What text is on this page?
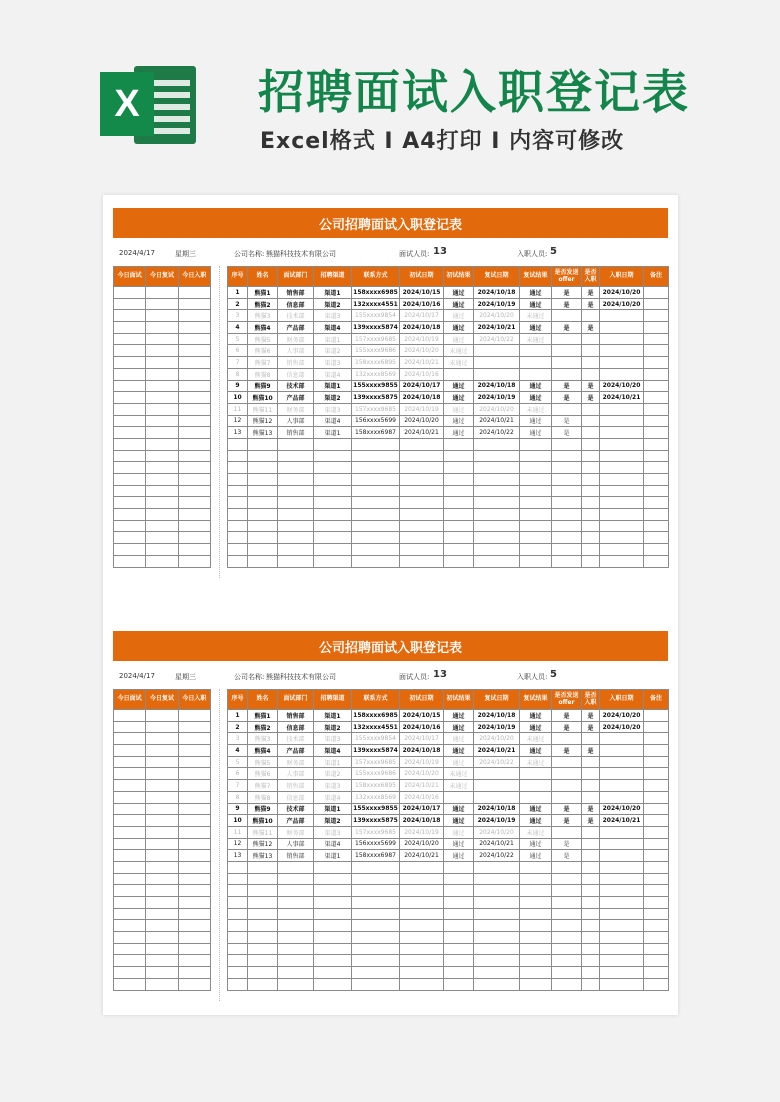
X	招聘面试入职登记表
Excel格式 I A4打印 I 内容可修改
公司招聘面试入职登记表
2024/4/17	星期三	公司名称: 熊猫科技技术有限公司	面试人员: 13	入职人员: 5
今日面试	今日复试	今日入职

			序号	姓名	面试部门	招聘渠道	联系方式	初试日期	初试结果	复试日期	复试结果	是否发送offer	是否入职	入职日期	备注
1	熊猫1	销售部	渠道1	158xxxx6985	2024/10/15	通过	2024/10/18	通过	是	是	2024/10/20	
2	熊猫2	信息部	渠道2	132xxxx4551	2024/10/16	通过	2024/10/19	通过	是	是	2024/10/20	
3	熊猫3	技术部	渠道3	155xxxx9854	2024/10/17	通过	2024/10/20	未通过				
4	熊猫4	产品部	渠道4	139xxxx5874	2024/10/18	通过	2024/10/21	通过	是	是		
5	熊猫5	财务部	渠道1	157xxxx9685	2024/10/19	通过	2024/10/22	未通过				
6	熊猫6	人事部	渠道2	155xxxx9686	2024/10/20	未通过						
7	熊猫7	销售部	渠道3	158xxxx6895	2024/10/21	未通过						
8	熊猫8	信息部	渠道4	132xxxx8569	2024/10/16							
9	熊猫9	技术部	渠道1	155xxxx9855	2024/10/17	通过	2024/10/18	通过	是	是	2024/10/20	
10	熊猫10	产品部	渠道2	139xxxx5875	2024/10/18	通过	2024/10/19	通过	是	是	2024/10/21	
11	熊猫11	财务部	渠道3	157xxxx9685	2024/10/19	通过	2024/10/20	未通过				
12	熊猫12	人事部	渠道4	156xxxx5699	2024/10/20	通过	2024/10/21	通过	是			
13	熊猫13	销售部	渠道1	158xxxx6987	2024/10/21	通过	2024/10/22	通过	是			

公司招聘面试入职登记表
2024/4/17	星期三	公司名称: 熊猫科技技术有限公司	面试人员: 13	入职人员: 5
今日面试	今日复试	今日入职

			序号	姓名	面试部门	招聘渠道	联系方式	初试日期	初试结果	复试日期	复试结果	是否发送offer	是否入职	入职日期	备注
1	熊猫1	销售部	渠道1	158xxxx6985	2024/10/15	通过	2024/10/18	通过	是	是	2024/10/20	
2	熊猫2	信息部	渠道2	132xxxx4551	2024/10/16	通过	2024/10/19	通过	是	是	2024/10/20	
3	熊猫3	技术部	渠道3	155xxxx9854	2024/10/17	通过	2024/10/20	未通过				
4	熊猫4	产品部	渠道4	139xxxx5874	2024/10/18	通过	2024/10/21	通过	是	是		
5	熊猫5	财务部	渠道1	157xxxx9685	2024/10/19	通过	2024/10/22	未通过				
6	熊猫6	人事部	渠道2	155xxxx9686	2024/10/20	未通过						
7	熊猫7	销售部	渠道3	158xxxx6895	2024/10/21	未通过						
8	熊猫8	信息部	渠道4	132xxxx8569	2024/10/16							
9	熊猫9	技术部	渠道1	155xxxx9855	2024/10/17	通过	2024/10/18	通过	是	是	2024/10/20	
10	熊猫10	产品部	渠道2	139xxxx5875	2024/10/18	通过	2024/10/19	通过	是	是	2024/10/21	
11	熊猫11	财务部	渠道3	157xxxx9685	2024/10/19	通过	2024/10/20	未通过				
12	熊猫12	人事部	渠道4	156xxxx5699	2024/10/20	通过	2024/10/21	通过	是			
13	熊猫13	销售部	渠道1	158xxxx6987	2024/10/21	通过	2024/10/22	通过	是			
